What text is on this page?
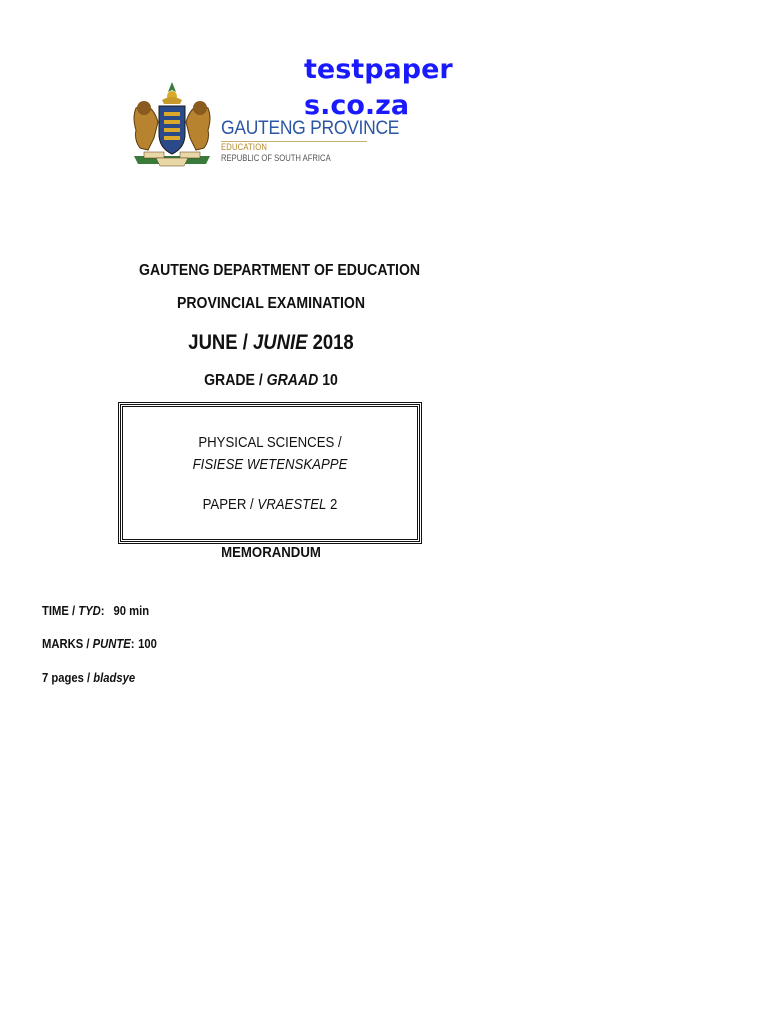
testpapers.co.za
GAUTENG PROVINCE
EDUCATION
REPUBLIC OF SOUTH AFRICA
GAUTENG DEPARTMENT OF EDUCATION
PROVINCIAL EXAMINATION
JUNE / JUNIE 2018
GRADE / GRAAD 10
PHYSICAL SCIENCES /
FISIESE WETENSKAPPE
PAPER / VRAESTEL 2
MEMORANDUM
TIME / TYD: 90 min
MARKS / PUNTE: 100
7 pages / bladsye
